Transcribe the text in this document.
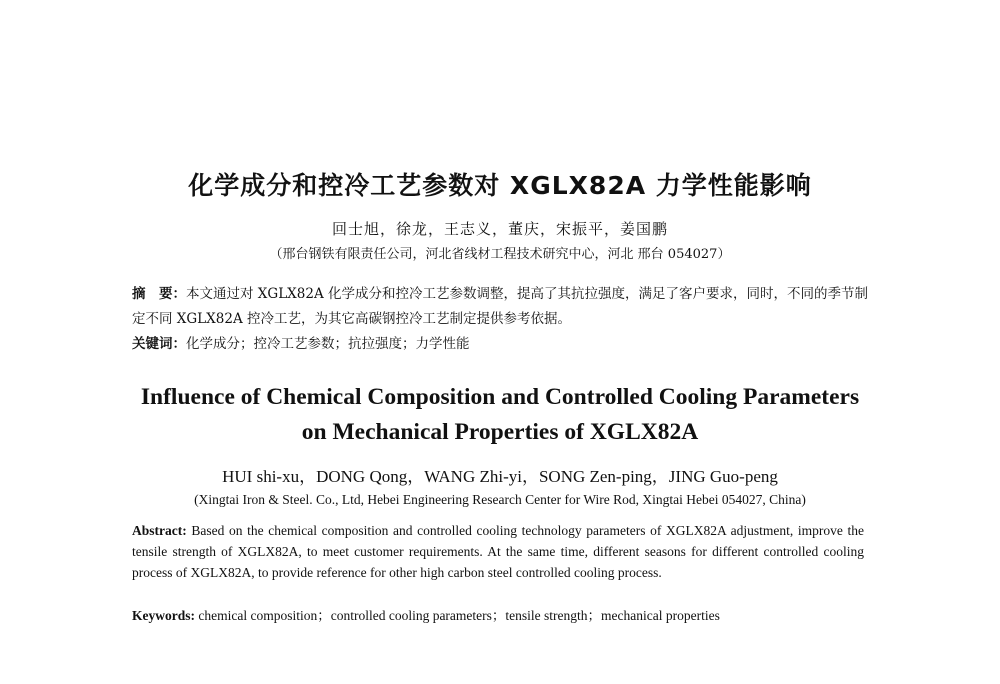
化学成分和控冷工艺参数对 XGLX82A 力学性能影响
回士旭，徐龙，王志义，董庆，宋振平，姜国鹏
（邢台钢铁有限责任公司，河北省线材工程技术研究中心，河北 邢台 054027）
摘　要：本文通过对 XGLX82A 化学成分和控冷工艺参数调整，提高了其抗拉强度，满足了客户要求，同时，不同的季节制定不同 XGLX82A 控冷工艺，为其它高碳钢控冷工艺制定提供参考依据。
关键词：化学成分；控冷工艺参数；抗拉强度；力学性能
Influence of Chemical Composition and Controlled Cooling Parameters
on Mechanical Properties of XGLX82A
HUI shi-xu，DONG Qong，WANG Zhi-yi，SONG Zen-ping，JING Guo-peng
(Xingtai Iron & Steel. Co., Ltd, Hebei Engineering Research Center for Wire Rod, Xingtai Hebei 054027, China)
Abstract: Based on the chemical composition and controlled cooling technology parameters of XGLX82A adjustment, improve the tensile strength of XGLX82A, to meet customer requirements. At the same time, different seasons for different controlled cooling process of XGLX82A, to provide reference for other high carbon steel controlled cooling process.
Keywords: chemical composition；controlled cooling parameters；tensile strength；mechanical properties
